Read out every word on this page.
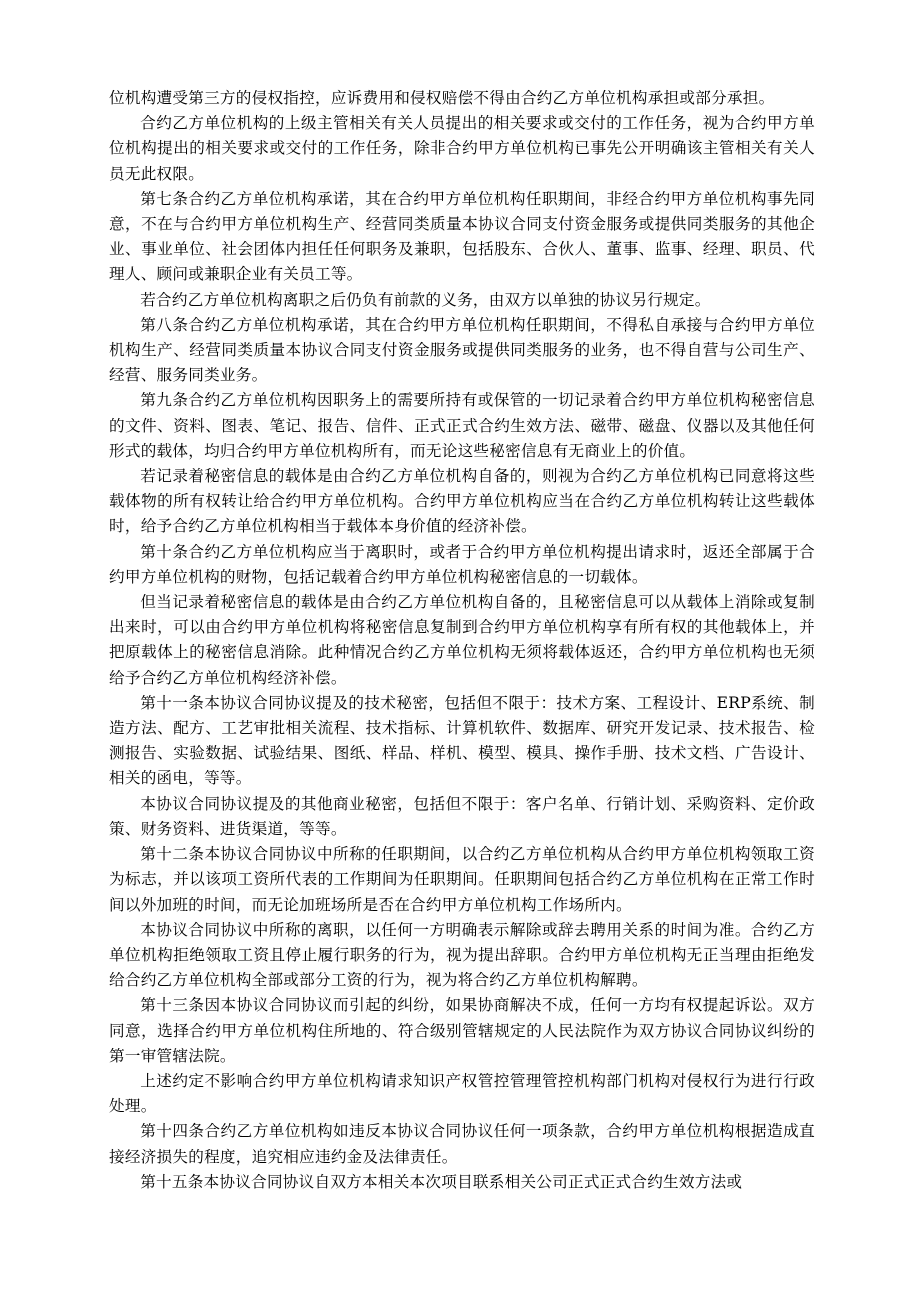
位机构遭受第三方的侵权指控，应诉费用和侵权赔偿不得由合约乙方单位机构承担或部分承担。

合约乙方单位机构的上级主管相关有关人员提出的相关要求或交付的工作任务，视为合约甲方单位机构提出的相关要求或交付的工作任务，除非合约甲方单位机构已事先公开明确该主管相关有关人员无此权限。

第七条合约乙方单位机构承诺，其在合约甲方单位机构任职期间，非经合约甲方单位机构事先同意，不在与合约甲方单位机构生产、经营同类质量本协议合同支付资金服务或提供同类服务的其他企业、事业单位、社会团体内担任任何职务及兼职，包括股东、合伙人、董事、监事、经理、职员、代理人、顾问或兼职企业有关员工等。

若合约乙方单位机构离职之后仍负有前款的义务，由双方以单独的协议另行规定。

第八条合约乙方单位机构承诺，其在合约甲方单位机构任职期间，不得私自承接与合约甲方单位机构生产、经营同类质量本协议合同支付资金服务或提供同类服务的业务，也不得自营与公司生产、经营、服务同类业务。

第九条合约乙方单位机构因职务上的需要所持有或保管的一切记录着合约甲方单位机构秘密信息的文件、资料、图表、笔记、报告、信件、正式正式合约生效方法、磁带、磁盘、仪器以及其他任何形式的载体，均归合约甲方单位机构所有，而无论这些秘密信息有无商业上的价值。

若记录着秘密信息的载体是由合约乙方单位机构自备的，则视为合约乙方单位机构已同意将这些载体物的所有权转让给合约甲方单位机构。合约甲方单位机构应当在合约乙方单位机构转让这些载体时，给予合约乙方单位机构相当于载体本身价值的经济补偿。

第十条合约乙方单位机构应当于离职时，或者于合约甲方单位机构提出请求时，返还全部属于合约甲方单位机构的财物，包括记载着合约甲方单位机构秘密信息的一切载体。

但当记录着秘密信息的载体是由合约乙方单位机构自备的，且秘密信息可以从载体上消除或复制出来时，可以由合约甲方单位机构将秘密信息复制到合约甲方单位机构享有所有权的其他载体上，并把原载体上的秘密信息消除。此种情况合约乙方单位机构无须将载体返还，合约甲方单位机构也无须给予合约乙方单位机构经济补偿。

第十一条本协议合同协议提及的技术秘密，包括但不限于：技术方案、工程设计、ERP系统、制造方法、配方、工艺审批相关流程、技术指标、计算机软件、数据库、研究开发记录、技术报告、检测报告、实验数据、试验结果、图纸、样品、样机、模型、模具、操作手册、技术文档、广告设计、相关的函电，等等。

本协议合同协议提及的其他商业秘密，包括但不限于：客户名单、行销计划、采购资料、定价政策、财务资料、进货渠道，等等。

第十二条本协议合同协议中所称的任职期间，以合约乙方单位机构从合约甲方单位机构领取工资为标志，并以该项工资所代表的工作期间为任职期间。任职期间包括合约乙方单位机构在正常工作时间以外加班的时间，而无论加班场所是否在合约甲方单位机构工作场所内。

本协议合同协议中所称的离职，以任何一方明确表示解除或辞去聘用关系的时间为准。合约乙方单位机构拒绝领取工资且停止履行职务的行为，视为提出辞职。合约甲方单位机构无正当理由拒绝发给合约乙方单位机构全部或部分工资的行为，视为将合约乙方单位机构解聘。

第十三条因本协议合同协议而引起的纠纷，如果协商解决不成，任何一方均有权提起诉讼。双方同意，选择合约甲方单位机构住所地的、符合级别管辖规定的人民法院作为双方协议合同协议纠纷的第一审管辖法院。

上述约定不影响合约甲方单位机构请求知识产权管控管理管控机构部门机构对侵权行为进行行政处理。

第十四条合约乙方单位机构如违反本协议合同协议任何一项条款，合约甲方单位机构根据造成直接经济损失的程度，追究相应违约金及法律责任。

第十五条本协议合同协议自双方本相关本次项目联系相关公司正式正式合约生效方法或
